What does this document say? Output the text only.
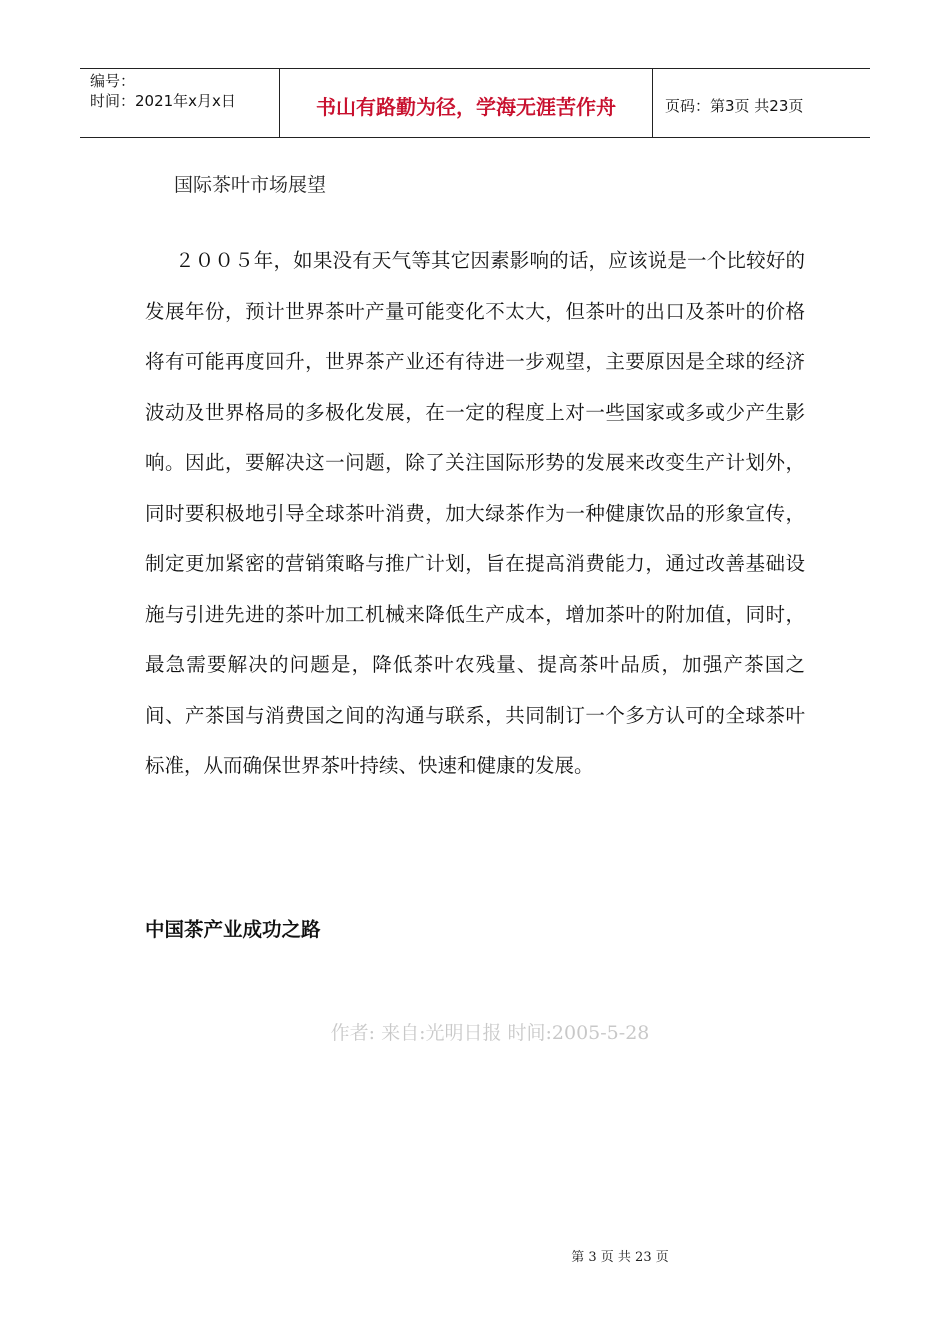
编号：
时间：2021年x月x日	书山有路勤为径，学海无涯苦作舟	页码：第3页 共23页
国际茶叶市场展望

２００５年，如果没有天气等其它因素影响的话，应该说是一个比较好的发展年份，预计世界茶叶产量可能变化不太大，但茶叶的出口及茶叶的价格将有可能再度回升，世界茶产业还有待进一步观望，主要原因是全球的经济波动及世界格局的多极化发展，在一定的程度上对一些国家或多或少产生影响。因此，要解决这一问题，除了关注国际形势的发展来改变生产计划外，同时要积极地引导全球茶叶消费，加大绿茶作为一种健康饮品的形象宣传，制定更加紧密的营销策略与推广计划，旨在提高消费能力，通过改善基础设施与引进先进的茶叶加工机械来降低生产成本，增加茶叶的附加值，同时，最急需要解决的问题是，降低茶叶农残量、提高茶叶品质，加强产茶国之间、产茶国与消费国之间的沟通与联系，共同制订一个多方认可的全球茶叶标准，从而确保世界茶叶持续、快速和健康的发展。

中国茶产业成功之路
作者: 来自:光明日报 时间:2005-5-28
第 3 页 共 23 页
